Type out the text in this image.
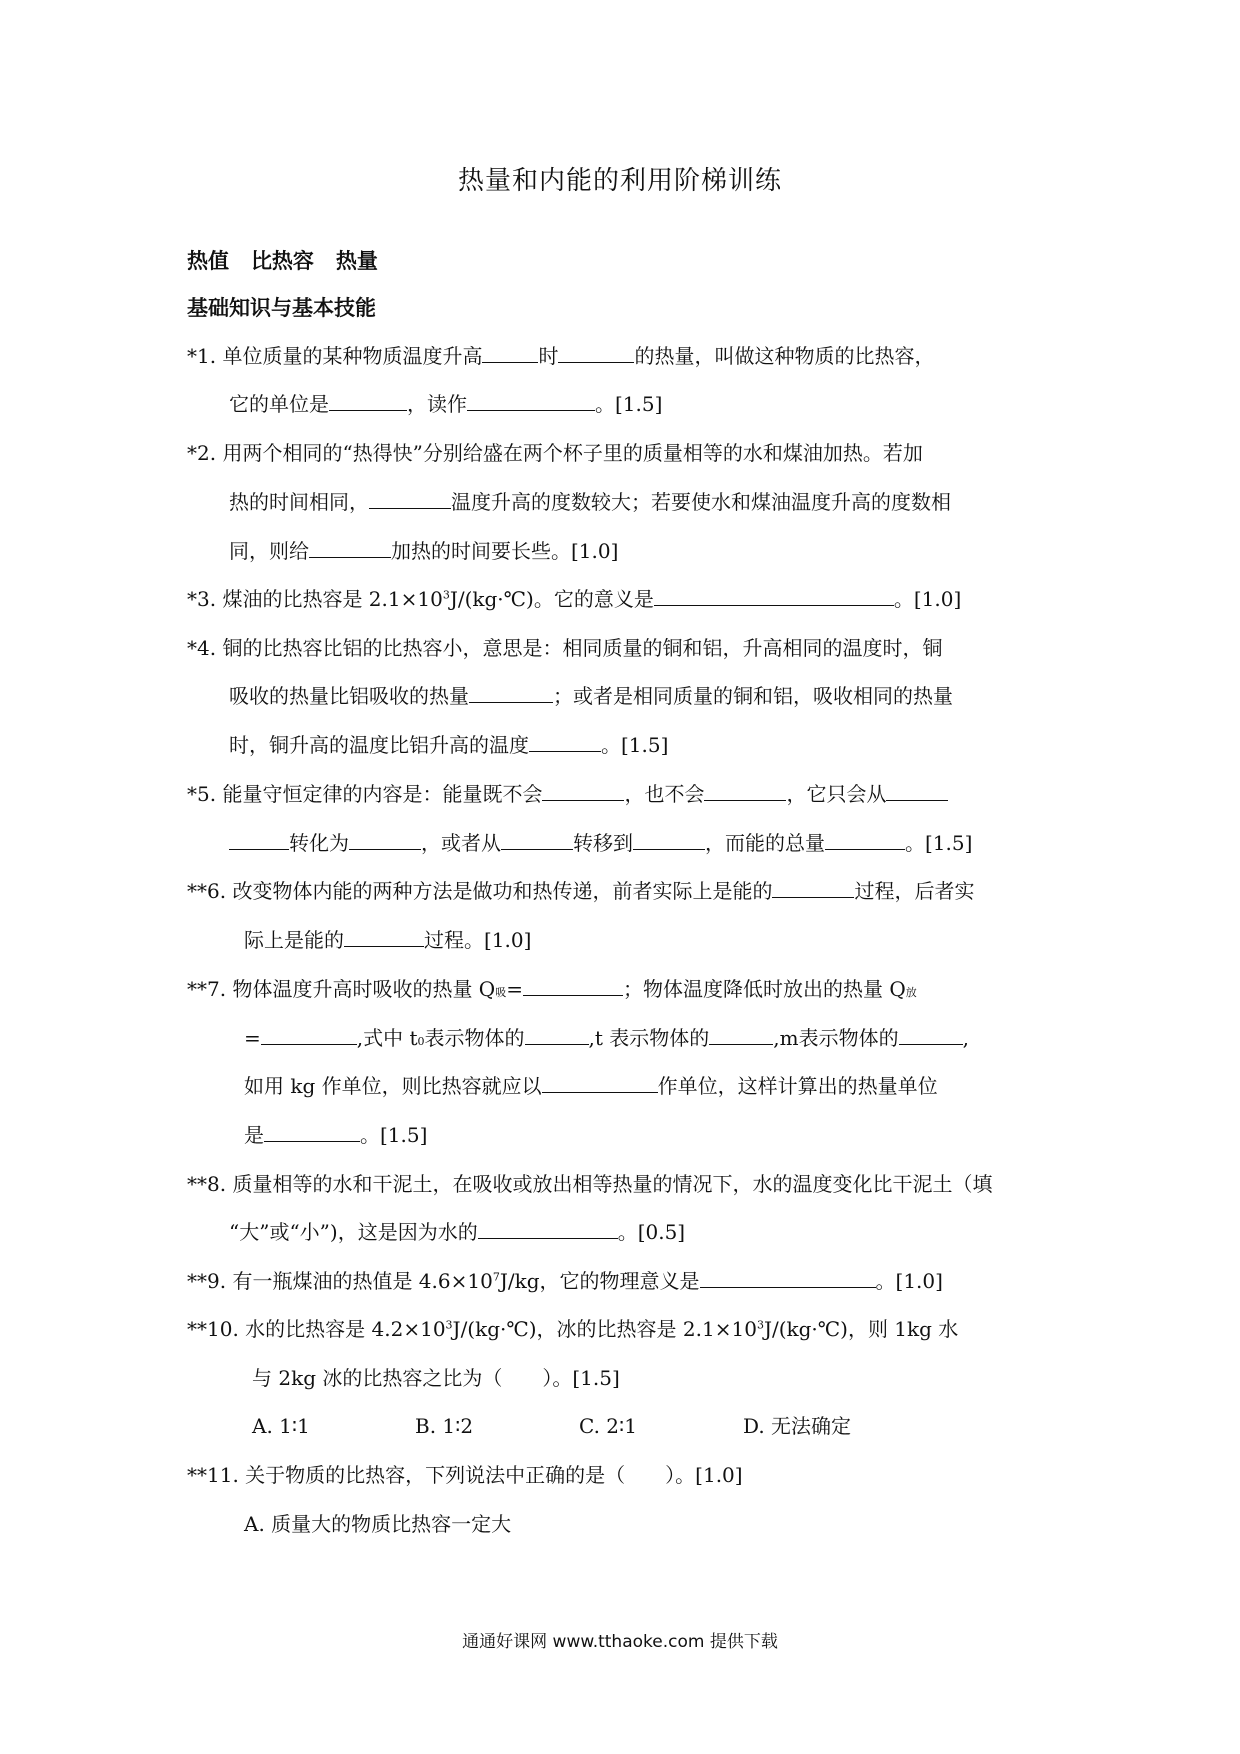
热量和内能的利用阶梯训练
热值 比热容 热量
基础知识与基本技能
*1. 单位质量的某种物质温度升高	时	的热量，叫做这种物质的比热容，
它的单位是	，读作	。[1.5]
*2. 用两个相同的“热得快”分别给盛在两个杯子里的质量相等的水和煤油加热。若加
热的时间相同，	温度升高的度数较大；若要使水和煤油温度升高的度数相
同，则给	加热的时间要长些。[1.0]
*3. 煤油的比热容是 $2.1\times 10^3J/(kg\cdot℃)$。它的意义是	。[1.0]
*4. 铜的比热容比铝的比热容小，意思是：相同质量的铜和铝，升高相同的温度时，铜
吸收的热量比铝吸收的热量	；或者是相同质量的铜和铝，吸收相同的热量
时，铜升高的温度比铝升高的温度	。[1.5]
*5. 能量守恒定律的内容是：能量既不会	，也不会	，它只会从
转化为	，或者从	转移到	，而能的总量	。[1.5]
**6. 改变物体内能的两种方法是做功和热传递，前者实际上是能的	过程，后者实
际上是能的	过程。[1.0]
**7. 物体温度升高时吸收的热量 Q吸=	；物体温度降低时放出的热量 Q放
=	,式中 t0表示物体的	,t 表示物体的	,m表示物体的	,
如用 kg 作单位，则比热容就应以	作单位，这样计算出的热量单位
是	。[1.5]
**8. 质量相等的水和干泥土，在吸收或放出相等热量的情况下，水的温度变化比干泥土（填
“大”或“小”)，这是因为水的	。[0.5]
**9. 有一瓶煤油的热值是 $4.6\times 10^7J/kg$，它的物理意义是	。[1.0]
**10. 水的比热容是 $4.2\times 10^3J/(kg\cdot℃)$，冰的比热容是 $2.1\times 10^3J/(kg\cdot℃)$，则 1kg 水
与 2kg 冰的比热容之比为（　　）。[1.5]
A. 1∶1	B. 1∶2	C. 2∶1	D. 无法确定
**11. 关于物质的比热容，下列说法中正确的是（　　）。[1.0]
A. 质量大的物质比热容一定大
通通好课网 www.tthaoke.com 提供下载
